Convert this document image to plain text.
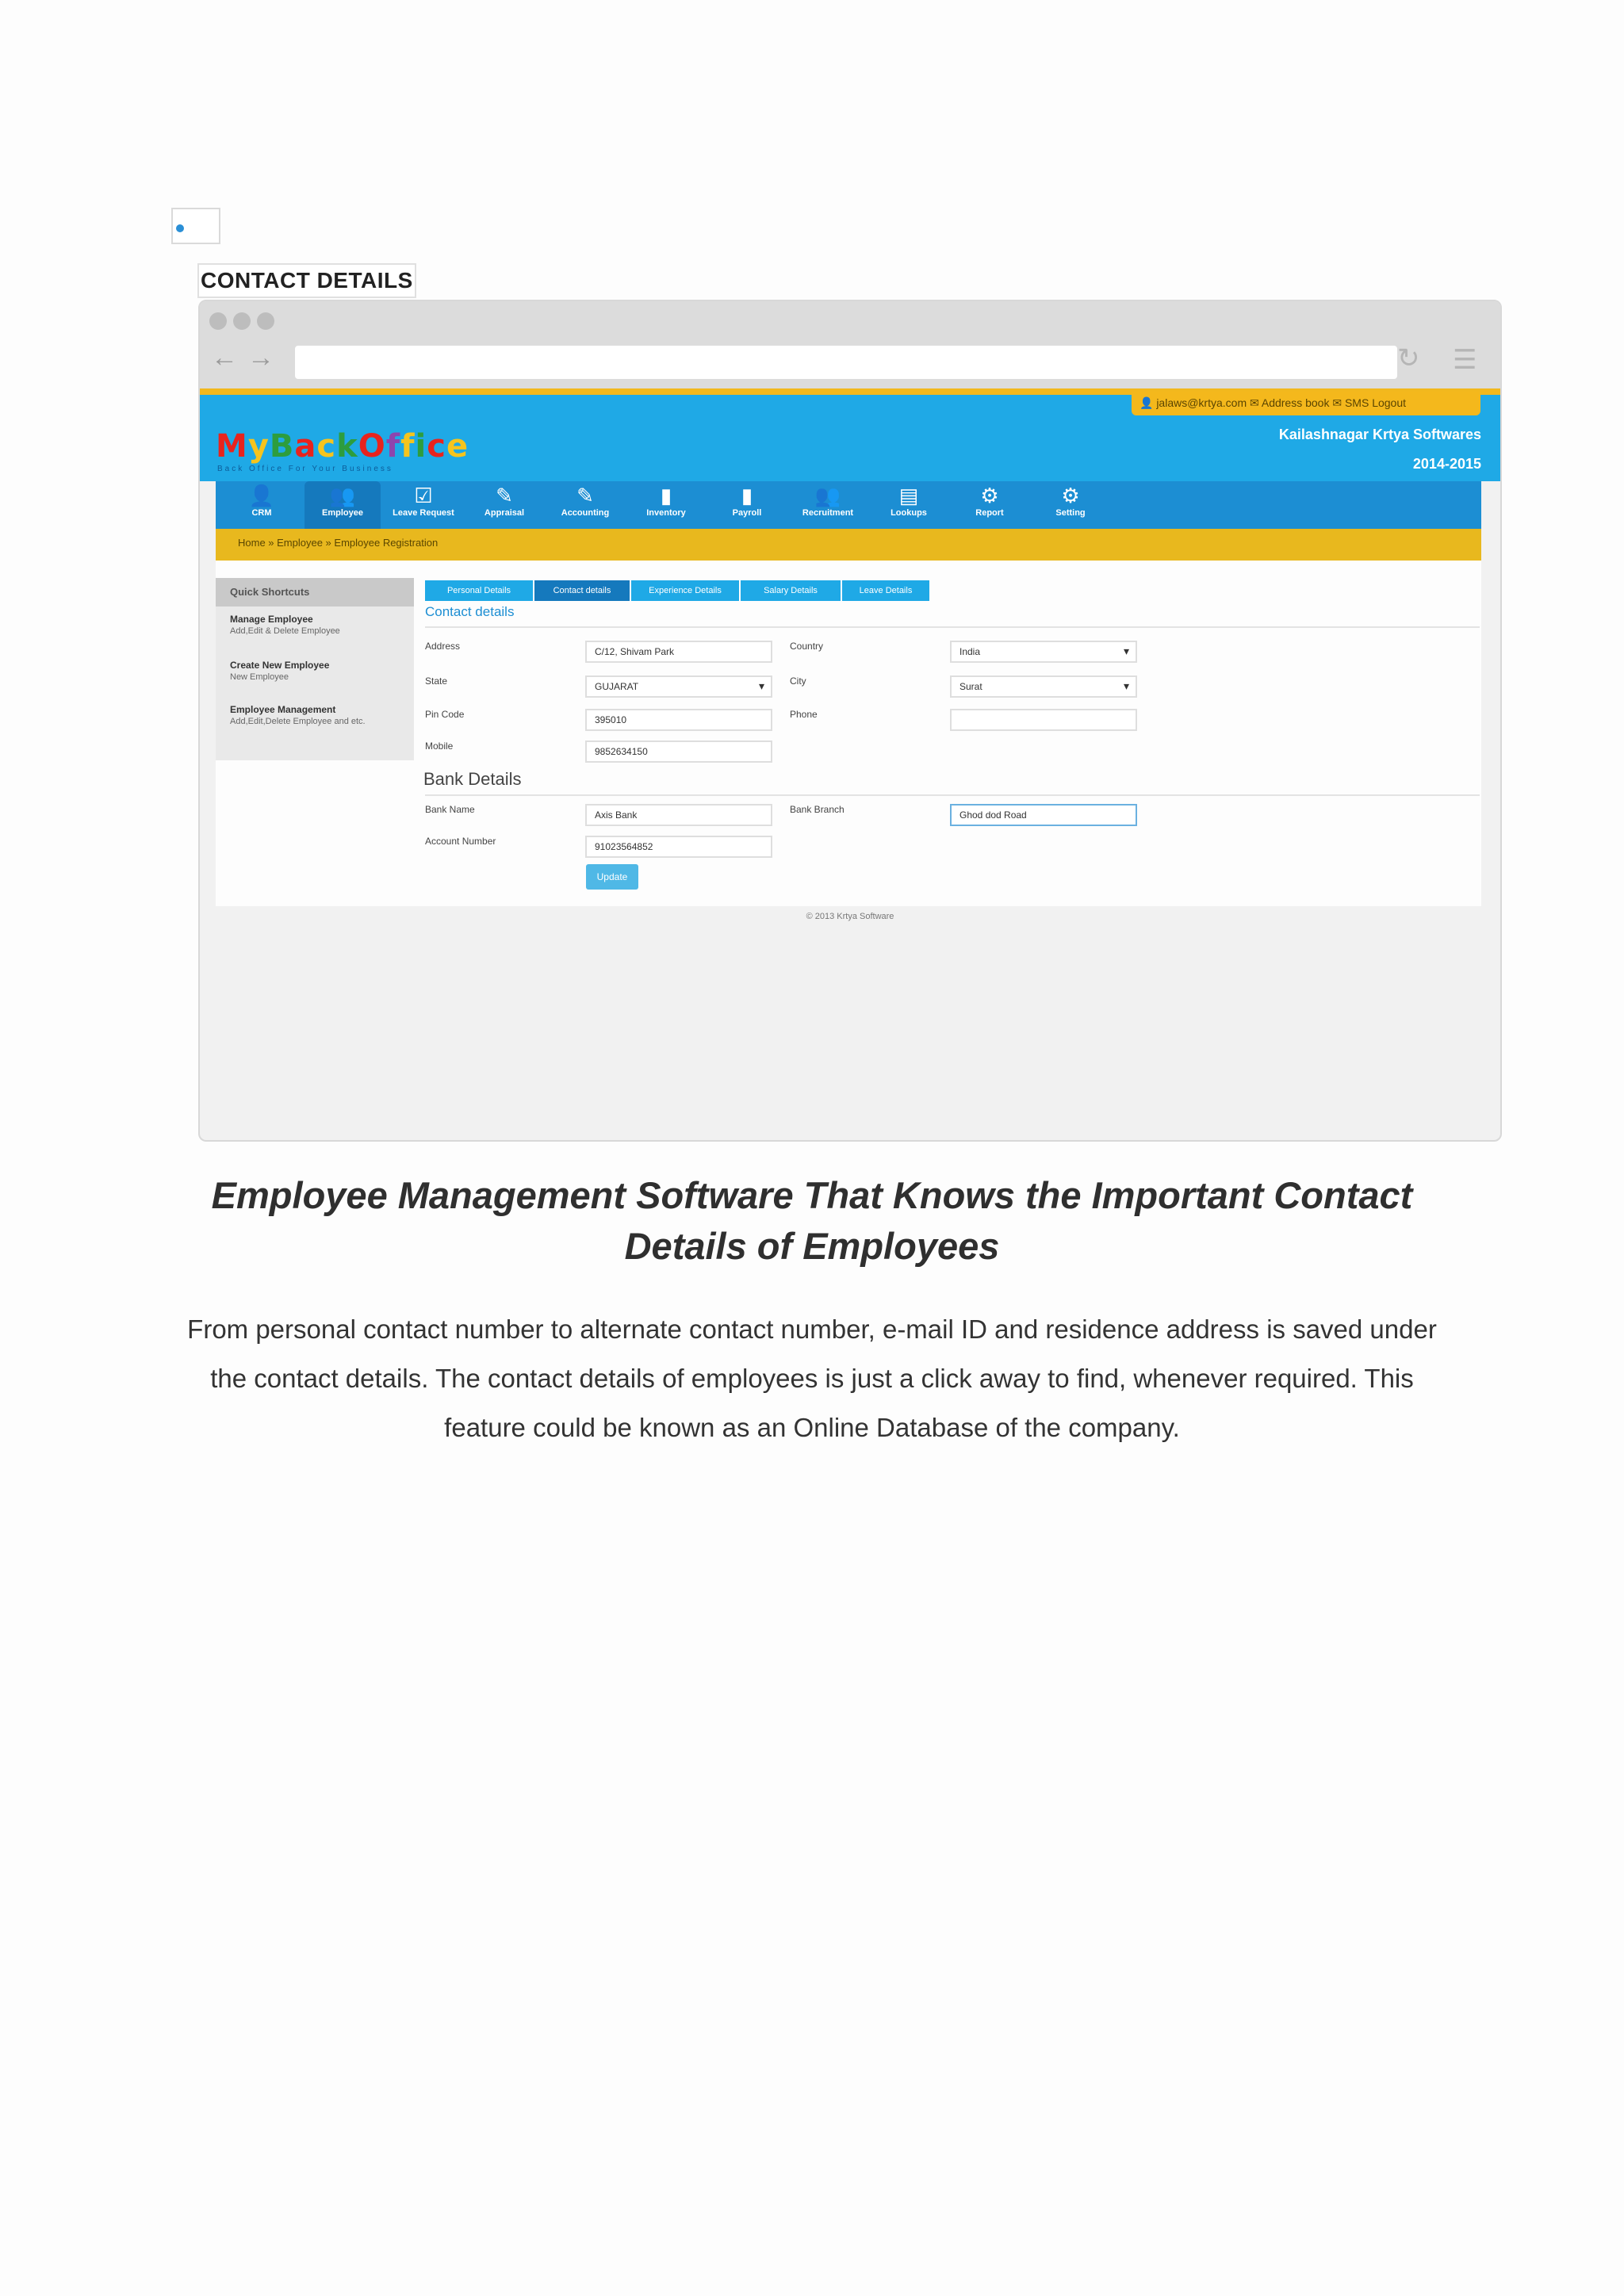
CONTACT DETAILS
← →	↻ ☰
👤 jalaws@krtya.com ✉ Address book ✉ SMS Logout
MyBackOffice
Back Office For Your Business
Kailashnagar Krtya Softwares
2014-2015
👤
CRM
👥
Employee
☑
Leave Request
✎
Appraisal
✎
Accounting
▮
Inventory
▮
Payroll
👥
Recruitment
▤
Lookups
⚙
Report
⚙
Setting
Home » Employee » Employee Registration
Quick Shortcuts
Manage Employee
Add,Edit & Delete Employee
Create New Employee
New Employee
Employee Management
Add,Edit,Delete Employee and etc.
Personal Details	Contact details	Experience Details	Salary Details	Leave Details
Contact details
Address	C/12, Shivam Park	Country	India ▾
State	GUJARAT ▾	City	Surat ▾
Pin Code	395010	Phone
Mobile	9852634150
Bank Details
Bank Name	Axis Bank	Bank Branch	Ghod dod Road
Account Number	91023564852
Update
© 2013 Krtya Software
Employee Management Software That Knows the Important Contact Details of Employees
From personal contact number to alternate contact number, e-mail ID and residence address is saved under the contact details. The contact details of employees is just a click away to find, whenever required. This feature could be known as an Online Database of the company.
